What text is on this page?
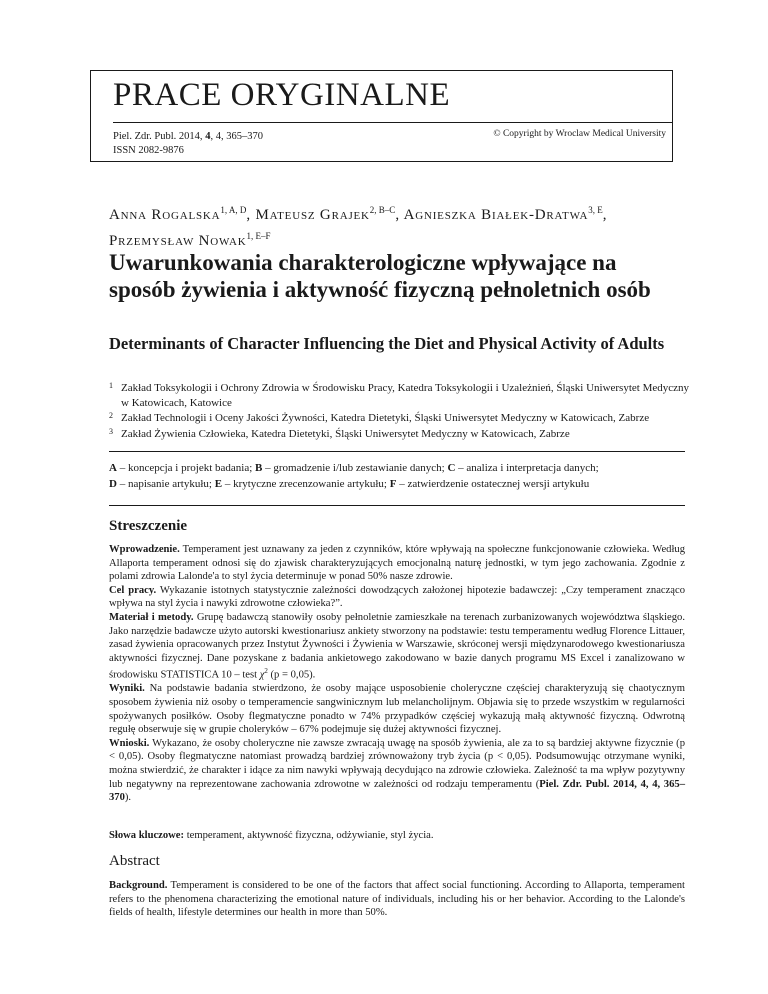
PRACE ORYGINALNE
Piel. Zdr. Publ. 2014, 4, 4, 365–370
ISSN 2082-9876
© Copyright by Wroclaw Medical University
Anna Rogalska$^{1, A, D}$, Mateusz Grajek$^{2, B-C}$, Agnieszka Białek-Dratwa$^{3, E}$,
Przemysław Nowak$^{1, E-F}$
Uwarunkowania charakterologiczne wpływające na sposób żywienia i aktywność fizyczną pełnoletnich osób
Determinants of Character Influencing the Diet and Physical Activity of Adults
1 Zakład Toksykologii i Ochrony Zdrowia w Środowisku Pracy, Katedra Toksykologii i Uzależnień, Śląski Uniwersytet Medyczny w Katowicach, Katowice
2 Zakład Technologii i Oceny Jakości Żywności, Katedra Dietetyki, Śląski Uniwersytet Medyczny w Katowicach, Zabrze
3 Zakład Żywienia Człowieka, Katedra Dietetyki, Śląski Uniwersytet Medyczny w Katowicach, Zabrze
A – koncepcja i projekt badania; B – gromadzenie i/lub zestawianie danych; C – analiza i interpretacja danych;
D – napisanie artykułu; E – krytyczne zrecenzowanie artykułu; F – zatwierdzenie ostatecznej wersji artykułu
Streszczenie

Wprowadzenie. Temperament jest uznawany za jeden z czynników, które wpływają na społeczne funkcjonowanie człowieka. Według Allaporta temperament odnosi się do zjawisk charakteryzujących emocjonalną naturę jednostki, w tym jego zachowania. Zgodnie z polami zdrowia Lalonde'a to styl życia determinuje w ponad 50% nasze zdrowie.

Cel pracy. Wykazanie istotnych statystycznie zależności dowodzących założonej hipotezie badawczej: „Czy temperament znacząco wpływa na styl życia i nawyki zdrowotne człowieka?”.

Materiał i metody. Grupę badawczą stanowiły osoby pełnoletnie zamieszkałe na terenach zurbanizowanych województwa śląskiego. Jako narzędzie badawcze użyto autorski kwestionariusz ankiety stworzony na podstawie: testu temperamentu według Florence Littauer, zasad żywienia opracowanych przez Instytut Żywności i Żywienia w Warszawie, skróconej wersji międzynarodowego kwestionariusza aktywności fizycznej. Dane pozyskane z badania ankietowego zakodowano w bazie danych programu MS Excel i zanalizowano w środowisku STATISTICA 10 – test $\chi^2$ (p = 0,05).

Wyniki. Na podstawie badania stwierdzono, że osoby mające usposobienie choleryczne częściej charakteryzują się chaotycznym sposobem żywienia niż osoby o temperamencie sangwinicznym lub melancholijnym. Objawia się to przede wszystkim w regularności spożywanych posiłków. Osoby flegmatyczne ponadto w 74% przypadków częściej wykazują małą aktywność fizyczną. Odwrotną regułę obserwuje się w grupie choleryków – 67% podejmuje się dużej aktywności fizycznej.

Wnioski. Wykazano, że osoby choleryczne nie zawsze zwracają uwagę na sposób żywienia, ale za to są bardziej aktywne fizycznie (p < 0,05). Osoby flegmatyczne natomiast prowadzą bardziej zrównoważony tryb życia (p < 0,05). Podsumowując otrzymane wyniki, można stwierdzić, że charakter i idące za nim nawyki wpływają decydująco na zdrowie człowieka. Zależność ta ma wpływ pozytywny lub negatywny na reprezentowane zachowania zdrowotne w zależności od rodzaju temperamentu (Piel. Zdr. Publ. 2014, 4, 4, 365–370).

Słowa kluczowe: temperament, aktywność fizyczna, odżywianie, styl życia.
Abstract

Background. Temperament is considered to be one of the factors that affect social functioning. According to Allaporta, temperament refers to the phenomena characterizing the emotional nature of individuals, including his or her behavior. According to the Lalonde's fields of health, lifestyle determines our health in more than 50%.
